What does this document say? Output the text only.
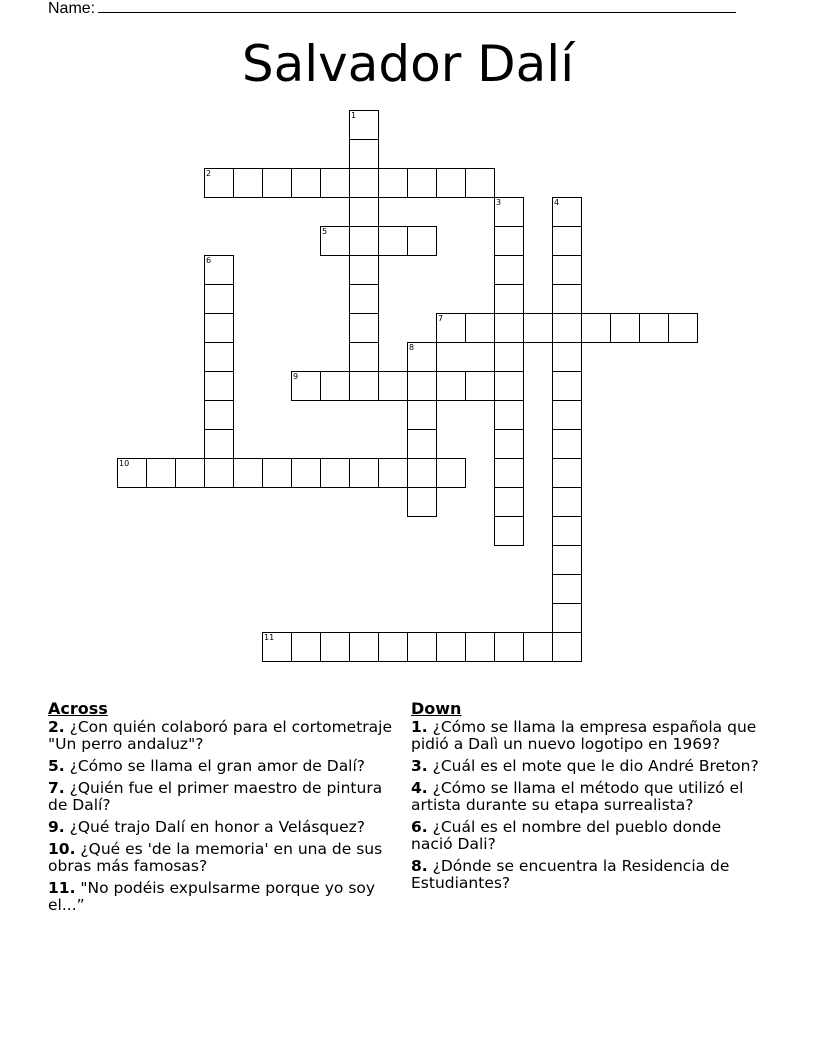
Name:
Salvador Dalí
1
2
3	4
5
6
7
8
9
10
11
Across
2. ¿Con quién colaboró para el cortometraje "Un perro andaluz"?
5. ¿Cómo se llama el gran amor de Dalí?
7. ¿Quién fue el primer maestro de pintura de Dalí?
9. ¿Qué trajo Dalí en honor a Velásquez?
10. ¿Qué es 'de la memoria' en una de sus obras más famosas?
11. "No podéis expulsarme porque yo soy el...”
Down
1. ¿Cómo se llama la empresa española que pidió a Dalì un nuevo logotipo en 1969?
3. ¿Cuál es el mote que le dio André Breton?
4. ¿Cómo se llama el método que utilizó el artista durante su etapa surrealista?
6. ¿Cuál es el nombre del pueblo donde nació Dali?
8. ¿Dónde se encuentra la Residencia de Estudiantes?
